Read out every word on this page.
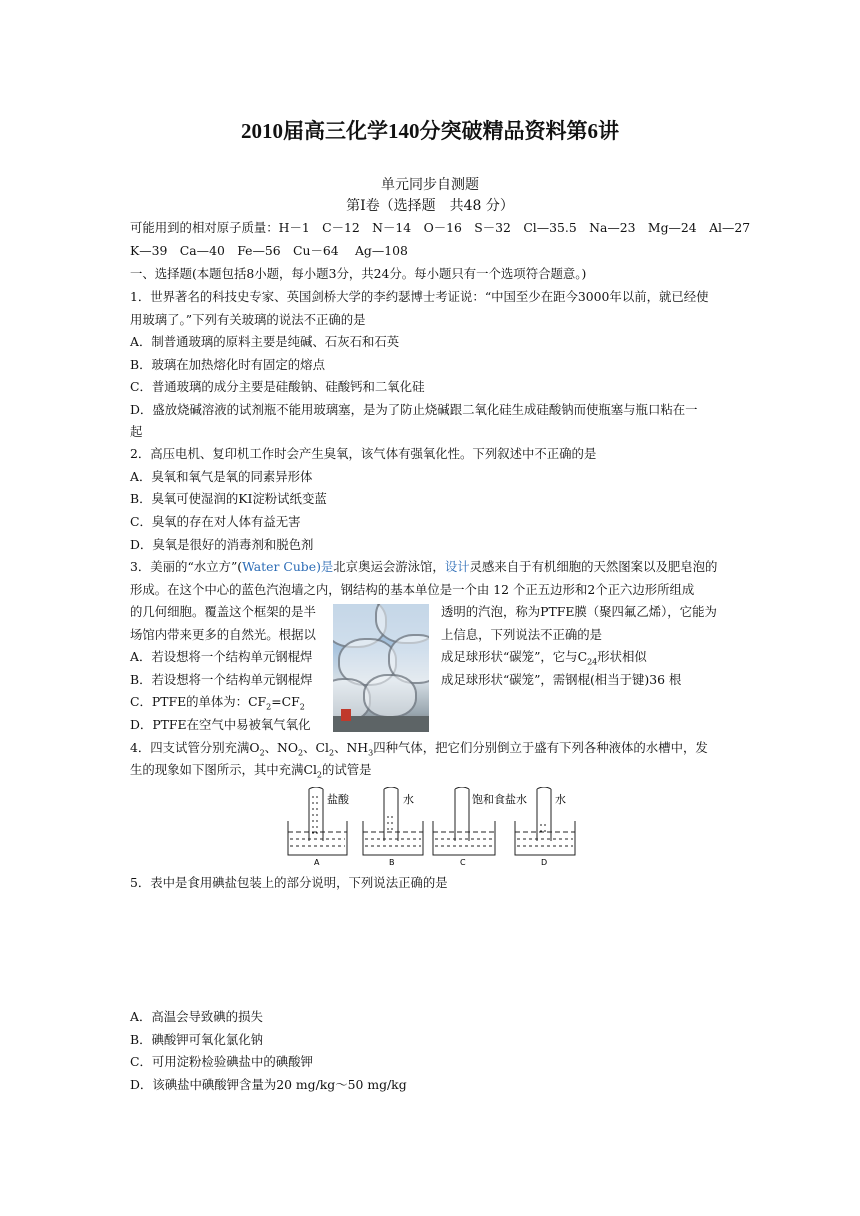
2010届高三化学140分突破精品资料第6讲
单元同步自测题
第Ⅰ卷（选择题　共48 分）
可能用到的相对原子质量：H－1　C－12　N－14　O－16　S－32　Cl—35.5　Na—23　Mg—24　Al—27
K—39　Ca—40　Fe—56　Cu－64　 Ag—108
一、选择题(本题包括8小题，每小题3分，共24分。每小题只有一个选项符合题意。)
1．世界著名的科技史专家、英国剑桥大学的李约瑟博士考证说：“中国至少在距今3000年以前，就已经使
用玻璃了。”下列有关玻璃的说法不正确的是
A．制普通玻璃的原料主要是纯碱、石灰石和石英
B．玻璃在加热熔化时有固定的熔点
C．普通玻璃的成分主要是硅酸钠、硅酸钙和二氧化硅
D．盛放烧碱溶液的试剂瓶不能用玻璃塞，是为了防止烧碱跟二氧化硅生成硅酸钠而使瓶塞与瓶口粘在一
起
2．高压电机、复印机工作时会产生臭氧，该气体有强氧化性。下列叙述中不正确的是
A．臭氧和氧气是氧的同素异形体
B．臭氧可使湿润的KI淀粉试纸变蓝
C．臭氧的存在对人体有益无害
D．臭氧是很好的消毒剂和脱色剂
3．美丽的“水立方”(Water Cube)是北京奥运会游泳馆，设计灵感来自于有机细胞的天然图案以及肥皂泡的
形成。在这个中心的蓝色汽泡墙之内，钢结构的基本单位是一个由 12 个正五边形和2个正六边形所组成
的几何细胞。覆盖这个框架的是半	透明的汽泡，称为PTFE膜（聚四氟乙烯），它能为
场馆内带来更多的自然光。根据以	上信息，下列说法不正确的是
A．若设想将一个结构单元钢棍焊	成足球形状“碳笼”，它与$C_{24}$形状相似
B．若设想将一个结构单元钢棍焊	成足球形状“碳笼”，需钢棍(相当于键)36 根
C．PTFE的单体为：$CF_2=CF_2$
D．PTFE在空气中易被氧气氧化
4．四支试管分别充满$O_2$、$NO_2$、$Cl_2$、$NH_3$四种气体，把它们分别倒立于盛有下列各种液体的水槽中，发
生的现象如下图所示，其中充满$Cl_2$的试管是
盐酸	水	饱和食盐水	水
A	B	C	D
5．表中是食用碘盐包装上的部分说明，下列说法正确的是
A．高温会导致碘的损失
B．碘酸钾可氧化氯化钠
C．可用淀粉检验碘盐中的碘酸钾
D．该碘盐中碘酸钾含量为20 mg/kg～50 mg/kg
